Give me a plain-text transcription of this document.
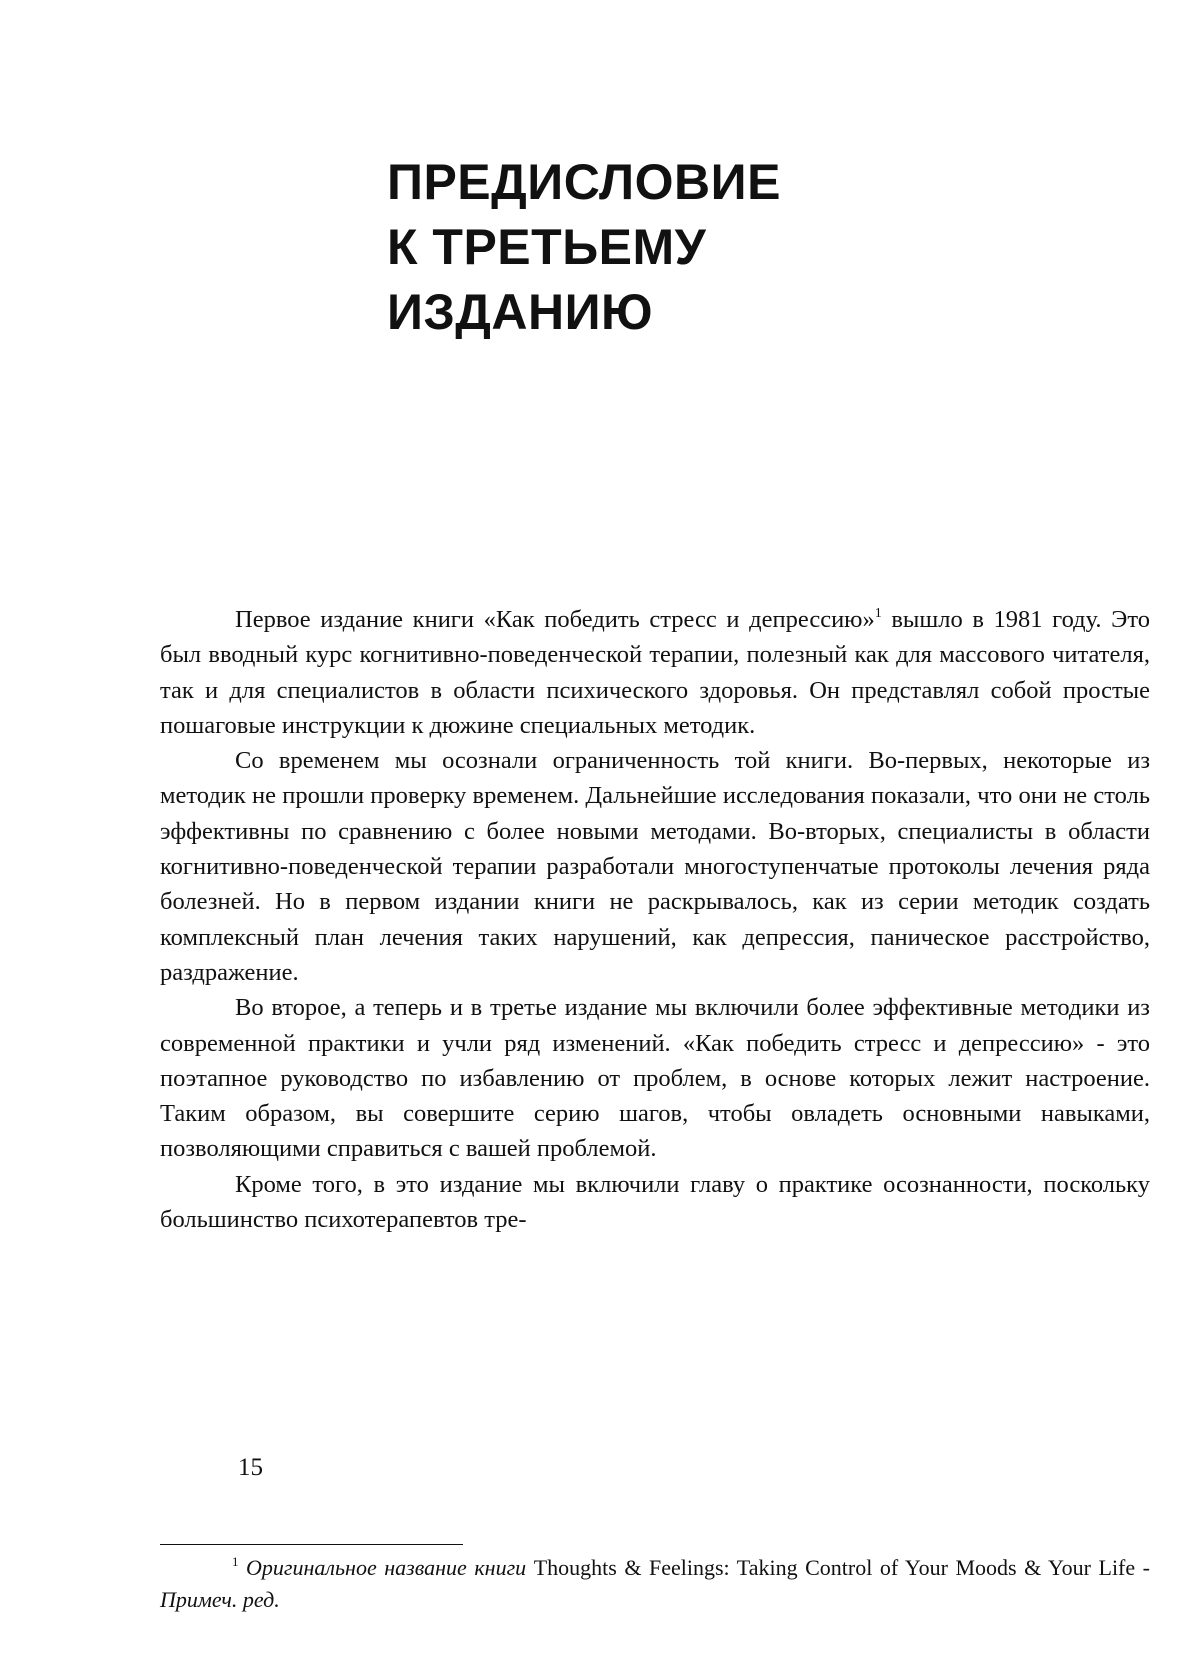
ПРЕДИСЛОВИЕ
К ТРЕТЬЕМУ
ИЗДАНИЮ

Первое издание книги «Как победить стресс и депрессию»$^1$ вышло в 1981 году. Это был вводный курс когнитивно-поведенческой терапии, полезный как для массового читателя, так и для специалистов в области психического здоровья. Он представлял собой простые пошаговые инструкции к дюжине специальных методик.

Со временем мы осознали ограниченность той книги. Во-первых, некоторые из методик не прошли проверку временем. Дальнейшие исследования показали, что они не столь эффективны по сравнению с более новыми методами. Во-вторых, специалисты в области когнитивно-поведенческой терапии разработали многоступенчатые протоколы лечения ряда болезней. Но в первом издании книги не раскрывалось, как из серии методик создать комплексный план лечения таких нарушений, как депрессия, паническое расстройство, раздражение.

Во второе, а теперь и в третье издание мы включили более эффективные методики из современной практики и учли ряд изменений. «Как победить стресс и депрессию» - это поэтапное руководство по избавлению от проблем, в основе которых лежит настроение. Таким образом, вы совершите серию шагов, чтобы овладеть основными навыками, позволяющими справиться с вашей проблемой.

Кроме того, в это издание мы включили главу о практике осознанности, поскольку большинство психотерапевтов тре-

15
$^1$ Оригинальное название книги Thoughts & Feelings: Taking Control of Your Moods & Your Life - Примеч. ред.
